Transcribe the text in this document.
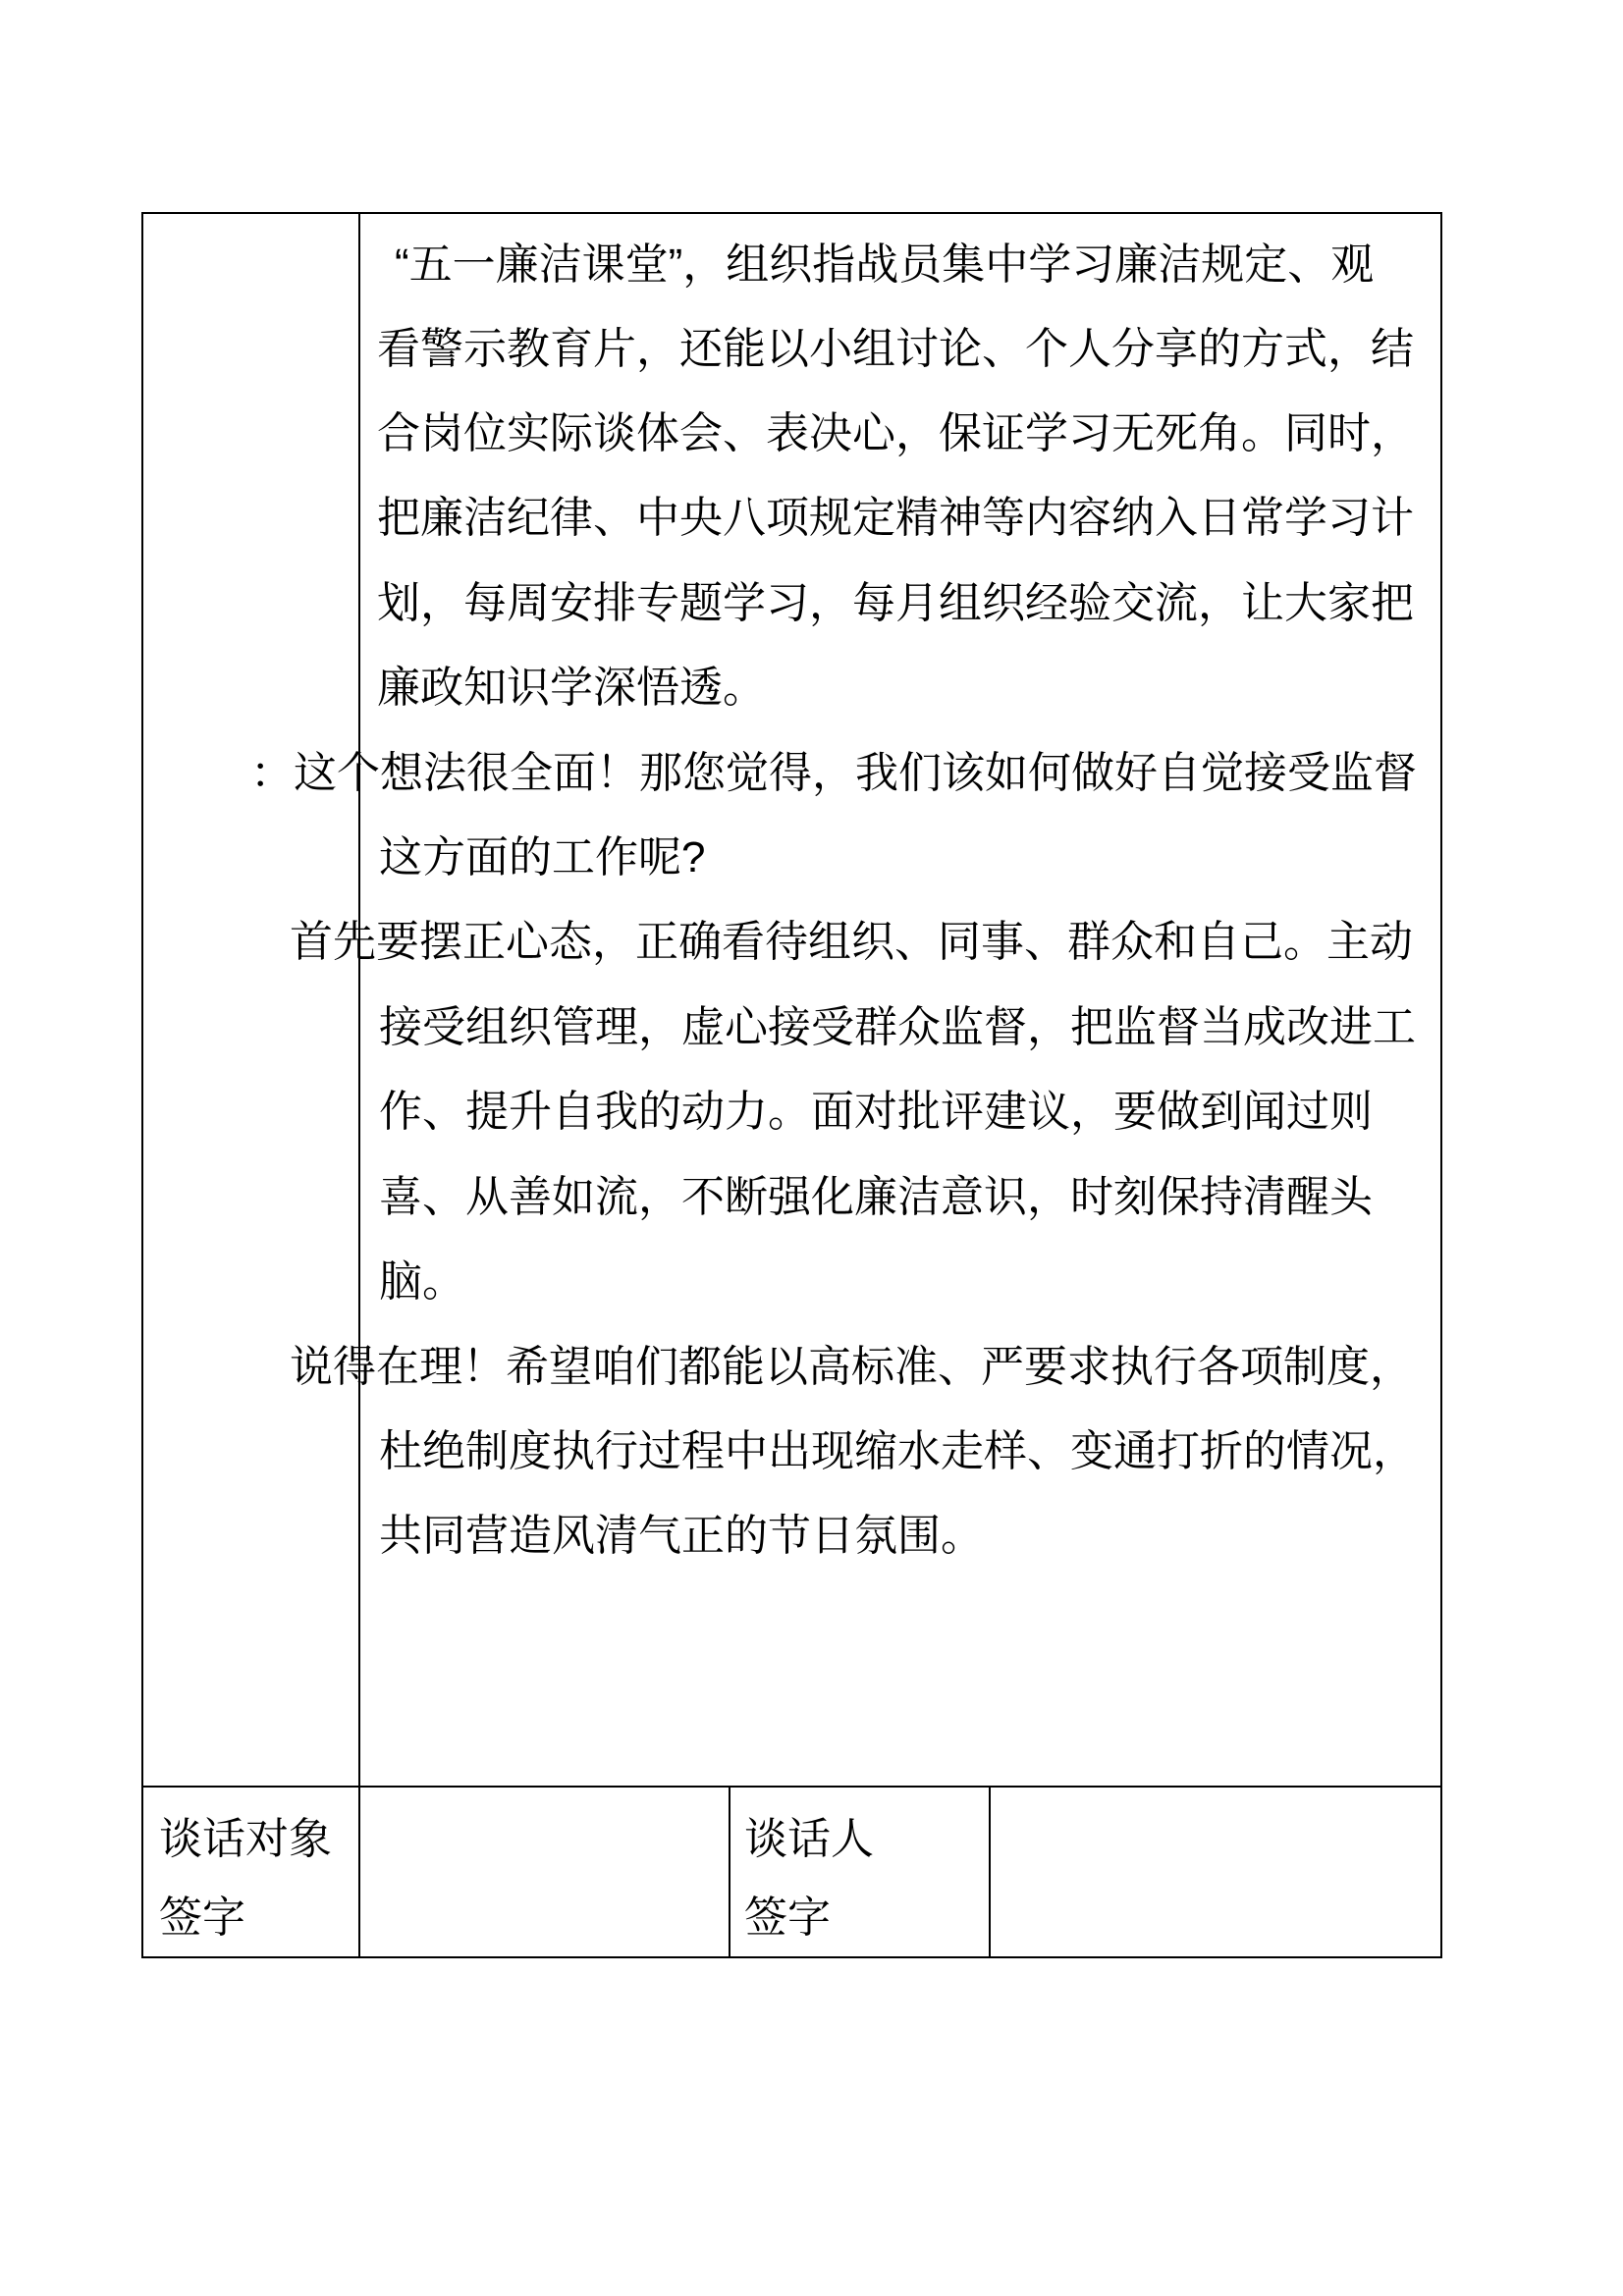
“五一廉洁课堂”，组织指战员集中学习廉洁规定、观
看警示教育片，还能以小组讨论、个人分享的方式，结
合岗位实际谈体会、表决心，保证学习无死角。同时，
把廉洁纪律、中央八项规定精神等内容纳入日常学习计
划，每周安排专题学习，每月组织经验交流，让大家把
廉政知识学深悟透。
：这个想法很全面！那您觉得，我们该如何做好自觉接受监督
这方面的工作呢?
首先要摆正心态，正确看待组织、同事、群众和自己。主动
接受组织管理，虚心接受群众监督，把监督当成改进工
作、提升自我的动力。面对批评建议，要做到闻过则
喜、从善如流，不断强化廉洁意识，时刻保持清醒头
脑。
说得在理！希望咱们都能以高标准、严要求执行各项制度，
杜绝制度执行过程中出现缩水走样、变通打折的情况，
共同营造风清气正的节日氛围。
谈话对象
签字
谈话人
签字
